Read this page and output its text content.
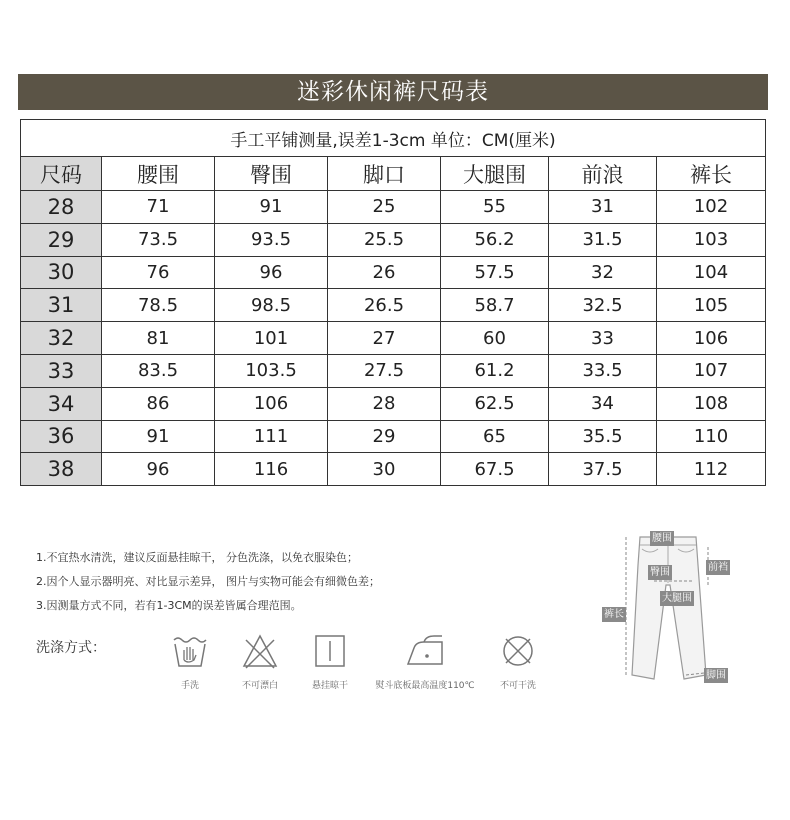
迷彩休闲裤尺码表
手工平铺测量,误差1-3cm 单位：CM(厘米)						
尺码	腰围	臀围	脚口	大腿围	前浪	裤长
28	71	91	25	55	31	102
29	73.5	93.5	25.5	56.2	31.5	103
30	76	96	26	57.5	32	104
31	78.5	98.5	26.5	58.7	32.5	105
32	81	101	27	60	33	106
33	83.5	103.5	27.5	61.2	33.5	107
34	86	106	28	62.5	34	108
36	91	111	29	65	35.5	110
38	96	116	30	67.5	37.5	112
1.不宜热水清洗，建议反面悬挂晾干， 分色洗涤，以免衣服染色；
2.因个人显示器明亮、对比显示差异， 图片与实物可能会有细微色差；
3.因测量方式不同，若有1-3CM的误差皆属合理范围。
洗涤方式：
手洗	不可漂白	悬挂晾干	熨斗底板最高温度110℃	不可干洗
腰围
前裆
臀围
大腿围
裤长
脚围
